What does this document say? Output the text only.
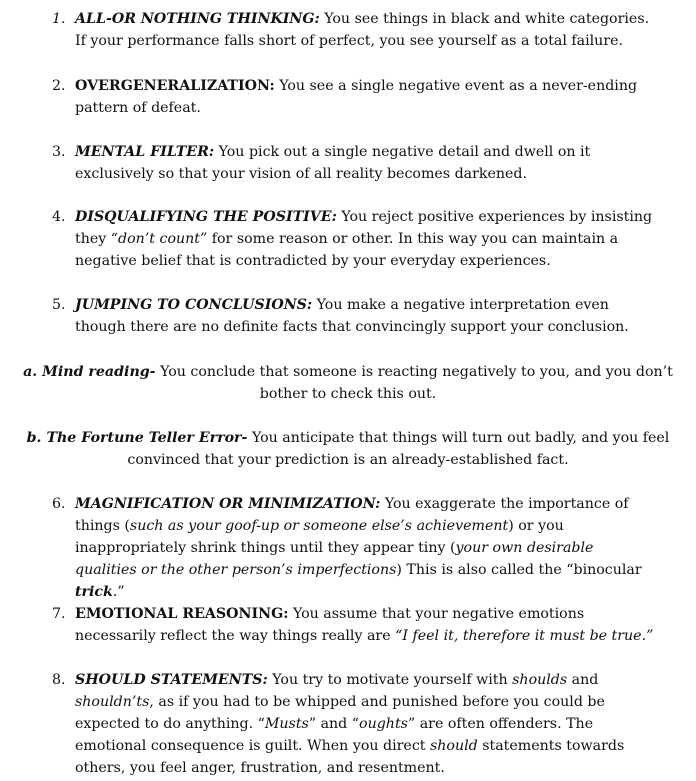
1. ALL-OR NOTHING THINKING: You see things in black and white categories. If your performance falls short of perfect, you see yourself as a total failure.
2. OVERGENERALIZATION: You see a single negative event as a never-ending pattern of defeat.
3. MENTAL FILTER: You pick out a single negative detail and dwell on it exclusively so that your vision of all reality becomes darkened.
4. DISQUALIFYING THE POSITIVE: You reject positive experiences by insisting they “don’t count” for some reason or other. In this way you can maintain a negative belief that is contradicted by your everyday experiences.
5. JUMPING TO CONCLUSIONS: You make a negative interpretation even though there are no definite facts that convincingly support your conclusion.
a. Mind reading- You conclude that someone is reacting negatively to you, and you don’t bother to check this out.
b. The Fortune Teller Error- You anticipate that things will turn out badly, and you feel convinced that your prediction is an already-established fact.
6. MAGNIFICATION OR MINIMIZATION: You exaggerate the importance of things (such as your goof-up or someone else’s achievement) or you inappropriately shrink things until they appear tiny (your own desirable qualities or the other person’s imperfections) This is also called the “binocular trick.”
7. EMOTIONAL REASONING: You assume that your negative emotions necessarily reflect the way things really are “I feel it, therefore it must be true.”
8. SHOULD STATEMENTS: You try to motivate yourself with shoulds and shouldn’ts, as if you had to be whipped and punished before you could be expected to do anything. “Musts” and “oughts” are often offenders. The emotional consequence is guilt. When you direct should statements towards others, you feel anger, frustration, and resentment.
